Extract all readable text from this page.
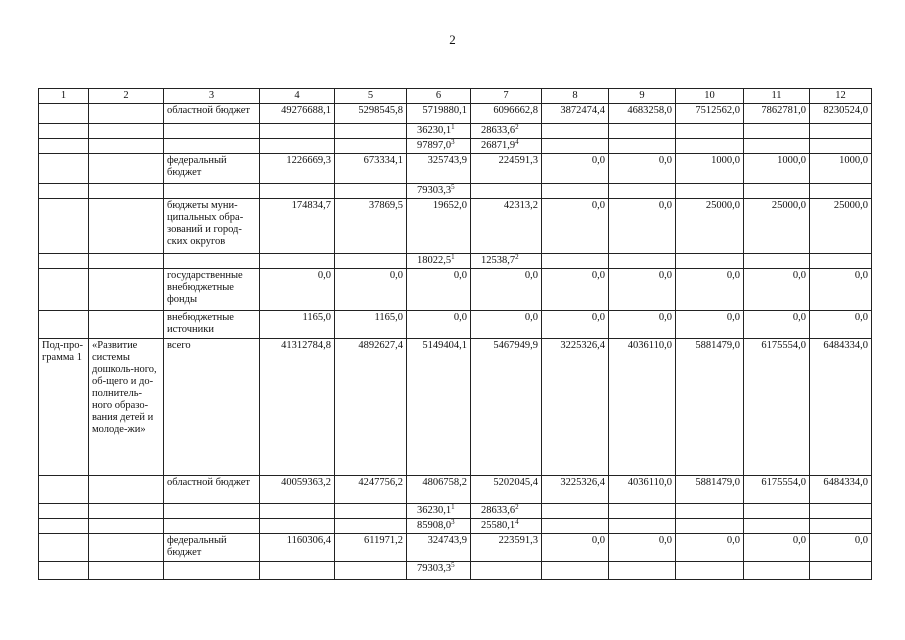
2
1	2	3	4	5	6	7	8	9	10	11	12
		областной бюджет	49276688,1	5298545,8	5719880,1	6096662,8	3872474,4	4683258,0	7512562,0	7862781,0	8230524,0
					36230,1$^1$	28633,6$^2$					
					97897,0$^3$	26871,9$^4$					
		федеральный бюджет	1226669,3	673334,1	325743,9	224591,3	0,0	0,0	1000,0	1000,0	1000,0
					79303,3$^5$						
		бюджеты муни-ципальных обра-зований и город-ских округов	174834,7	37869,5	19652,0	42313,2	0,0	0,0	25000,0	25000,0	25000,0
					18022,5$^1$	12538,7$^2$					
		государственные внебюджетные фонды	0,0	0,0	0,0	0,0	0,0	0,0	0,0	0,0	0,0
		внебюджетные источники	1165,0	1165,0	0,0	0,0	0,0	0,0	0,0	0,0	0,0
Под-про-грамма 1	«Развитие системы дошколь-ного, об-щего и до-полнитель-ного образо-вания детей и молоде-жи»	всего	41312784,8	4892627,4	5149404,1	5467949,9	3225326,4	4036110,0	5881479,0	6175554,0	6484334,0
		областной бюджет	40059363,2	4247756,2	4806758,2	5202045,4	3225326,4	4036110,0	5881479,0	6175554,0	6484334,0
					36230,1$^1$	28633,6$^2$					
					85908,0$^3$	25580,1$^4$					
		федеральный бюджет	1160306,4	611971,2	324743,9	223591,3	0,0	0,0	0,0	0,0	0,0
					79303,3$^5$						
